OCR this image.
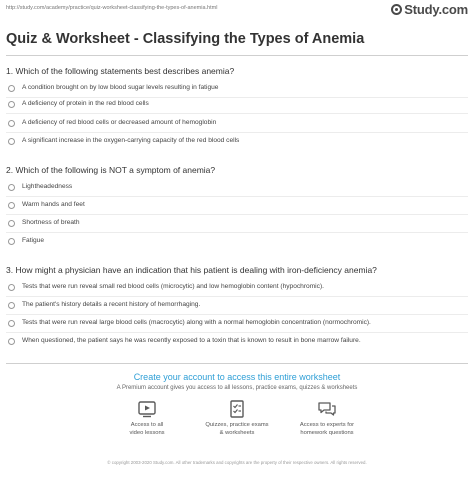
http://study.com/academy/practice/quiz-worksheet-classifying-the-types-of-anemia.html	Study.com
Quiz & Worksheet - Classifying the Types of Anemia
1. Which of the following statements best describes anemia?
A condition brought on by low blood sugar levels resulting in fatigue
A deficiency of protein in the red blood cells
A deficiency of red blood cells or decreased amount of hemoglobin
A significant increase in the oxygen-carrying capacity of the red blood cells
2. Which of the following is NOT a symptom of anemia?
Lightheadedness
Warm hands and feet
Shortness of breath
Fatigue
3. How might a physician have an indication that his patient is dealing with iron-deficiency anemia?
Tests that were run reveal small red blood cells (microcytic) and low hemoglobin content (hypochromic).
The patient's history details a recent history of hemorrhaging.
Tests that were run reveal large blood cells (macrocytic) along with a normal hemoglobin concentration (normochromic).
When questioned, the patient says he was recently exposed to a toxin that is known to result in bone marrow failure.
Create your account to access this entire worksheet
A Premium account gives you access to all lessons, practice exams, quizzes & worksheets
Access to all
video lessons
Quizzes, practice exams
& worksheets
Access to experts for
homework questions
© copyright 2003-2020 Study.com. All other trademarks and copyrights are the property of their respective owners. All rights reserved.
